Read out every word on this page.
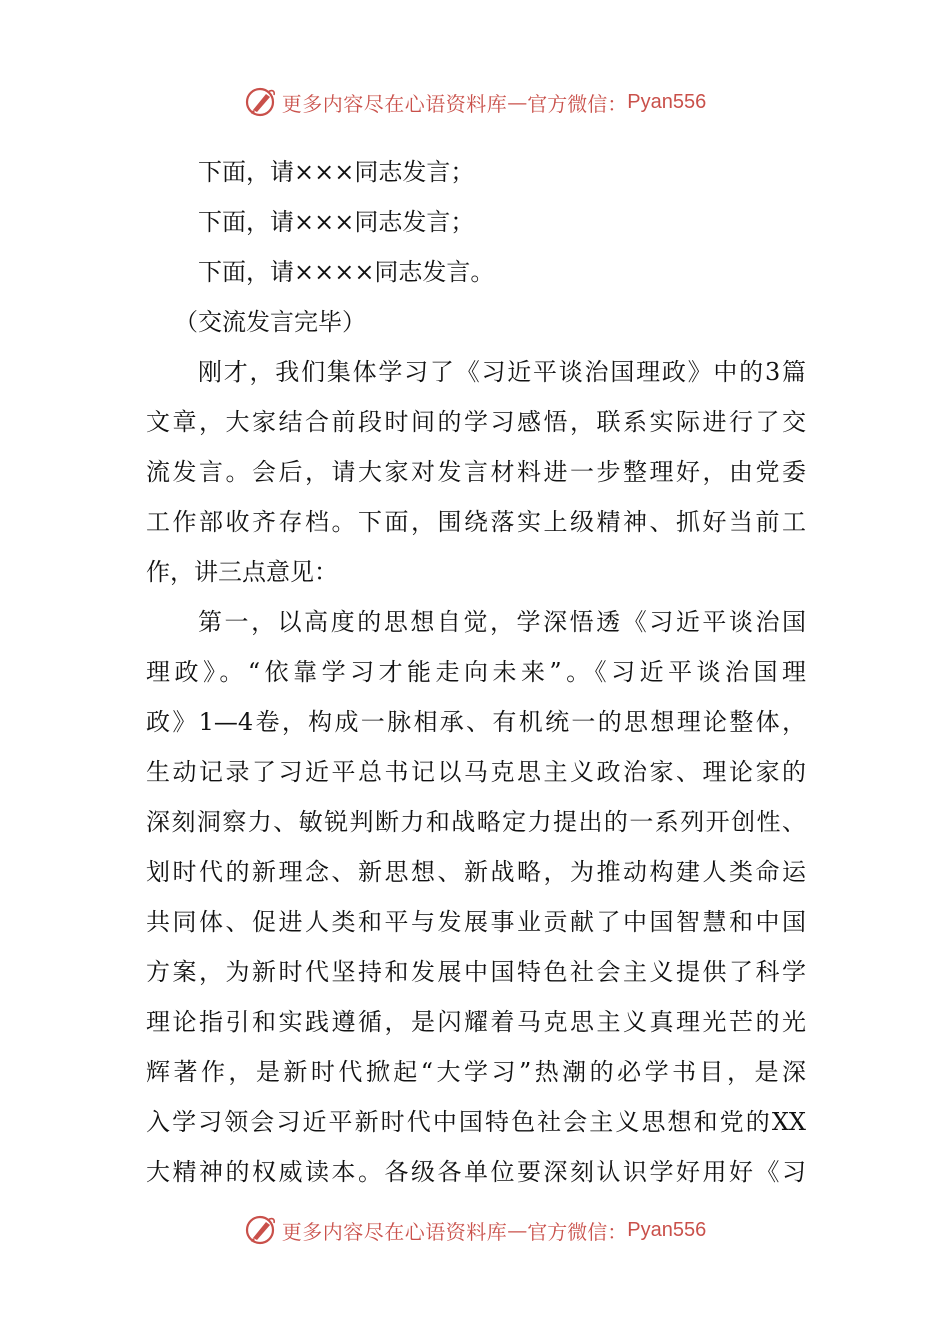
更多内容尽在心语资料库 — 官方微信： Pyan556
下面，请×××同志发言；
下面，请×××同志发言；
下面，请××××同志发言。
（交流发言完毕）
刚才，我们集体学习了《习近平谈治国理政》中的3篇
文章，大家结合前段时间的学习感悟，联系实际进行了交
流发言。会后，请大家对发言材料进一步整理好，由党委
工作部收齐存档。下面，围绕落实上级精神、抓好当前工
作，讲三点意见：
第一，以高度的思想自觉，学深悟透《习近平谈治国
理政》。“依靠学习才能走向未来”。《习近平谈治国理
政》1—4卷，构成一脉相承、有机统一的思想理论整体，
生动记录了习近平总书记以马克思主义政治家、理论家的
深刻洞察力、敏锐判断力和战略定力提出的一系列开创性、
划时代的新理念、新思想、新战略，为推动构建人类命运
共同体、促进人类和平与发展事业贡献了中国智慧和中国
方案，为新时代坚持和发展中国特色社会主义提供了科学
理论指引和实践遵循，是闪耀着马克思主义真理光芒的光
辉著作，是新时代掀起“大学习”热潮的必学书目，是深
入学习领会习近平新时代中国特色社会主义思想和党的XX
大精神的权威读本。各级各单位要深刻认识学好用好《习
更多内容尽在心语资料库 — 官方微信： Pyan556
